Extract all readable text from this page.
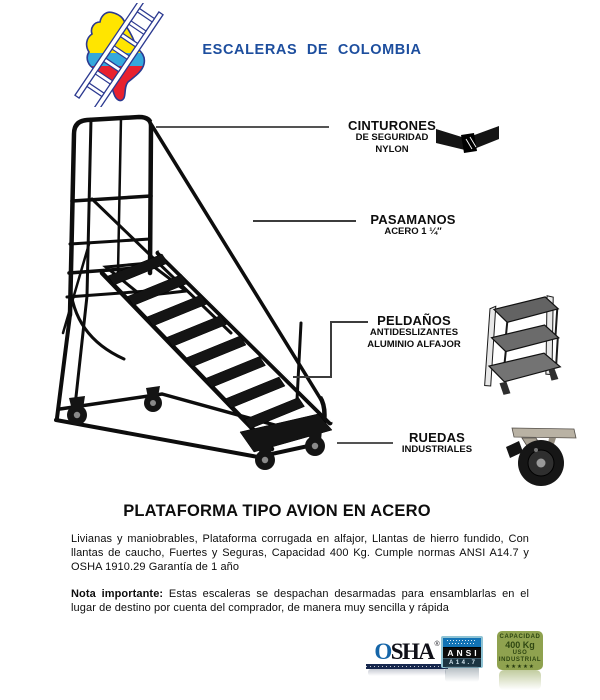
ESCALERAS DE COLOMBIA
CINTURONES
DE SEGURIDAD
NYLON
PASAMANOS
ACERO 1 ¼″
PELDAÑOS
ANTIDESLIZANTES
ALUMINIO ALFAJOR
RUEDAS
INDUSTRIALES
PLATAFORMA TIPO AVION EN ACERO
Livianas y maniobrables, Plataforma corrugada en alfajor, Llantas de hierro fundido, Con llantas de caucho, Fuertes y Seguras, Capacidad 400 Kg. Cumple normas ANSI A14.7 y OSHA 1910.29 Garantía de 1 año
Nota importante: Estas escaleras se despachan desarmadas para ensamblarlas en el lugar de destino por cuenta del comprador, de manera muy sencilla y rápida
OSHA ®
ANSI
A14.7
CAPACIDAD
400 Kg
USO
INDUSTRIAL
★★★★★
